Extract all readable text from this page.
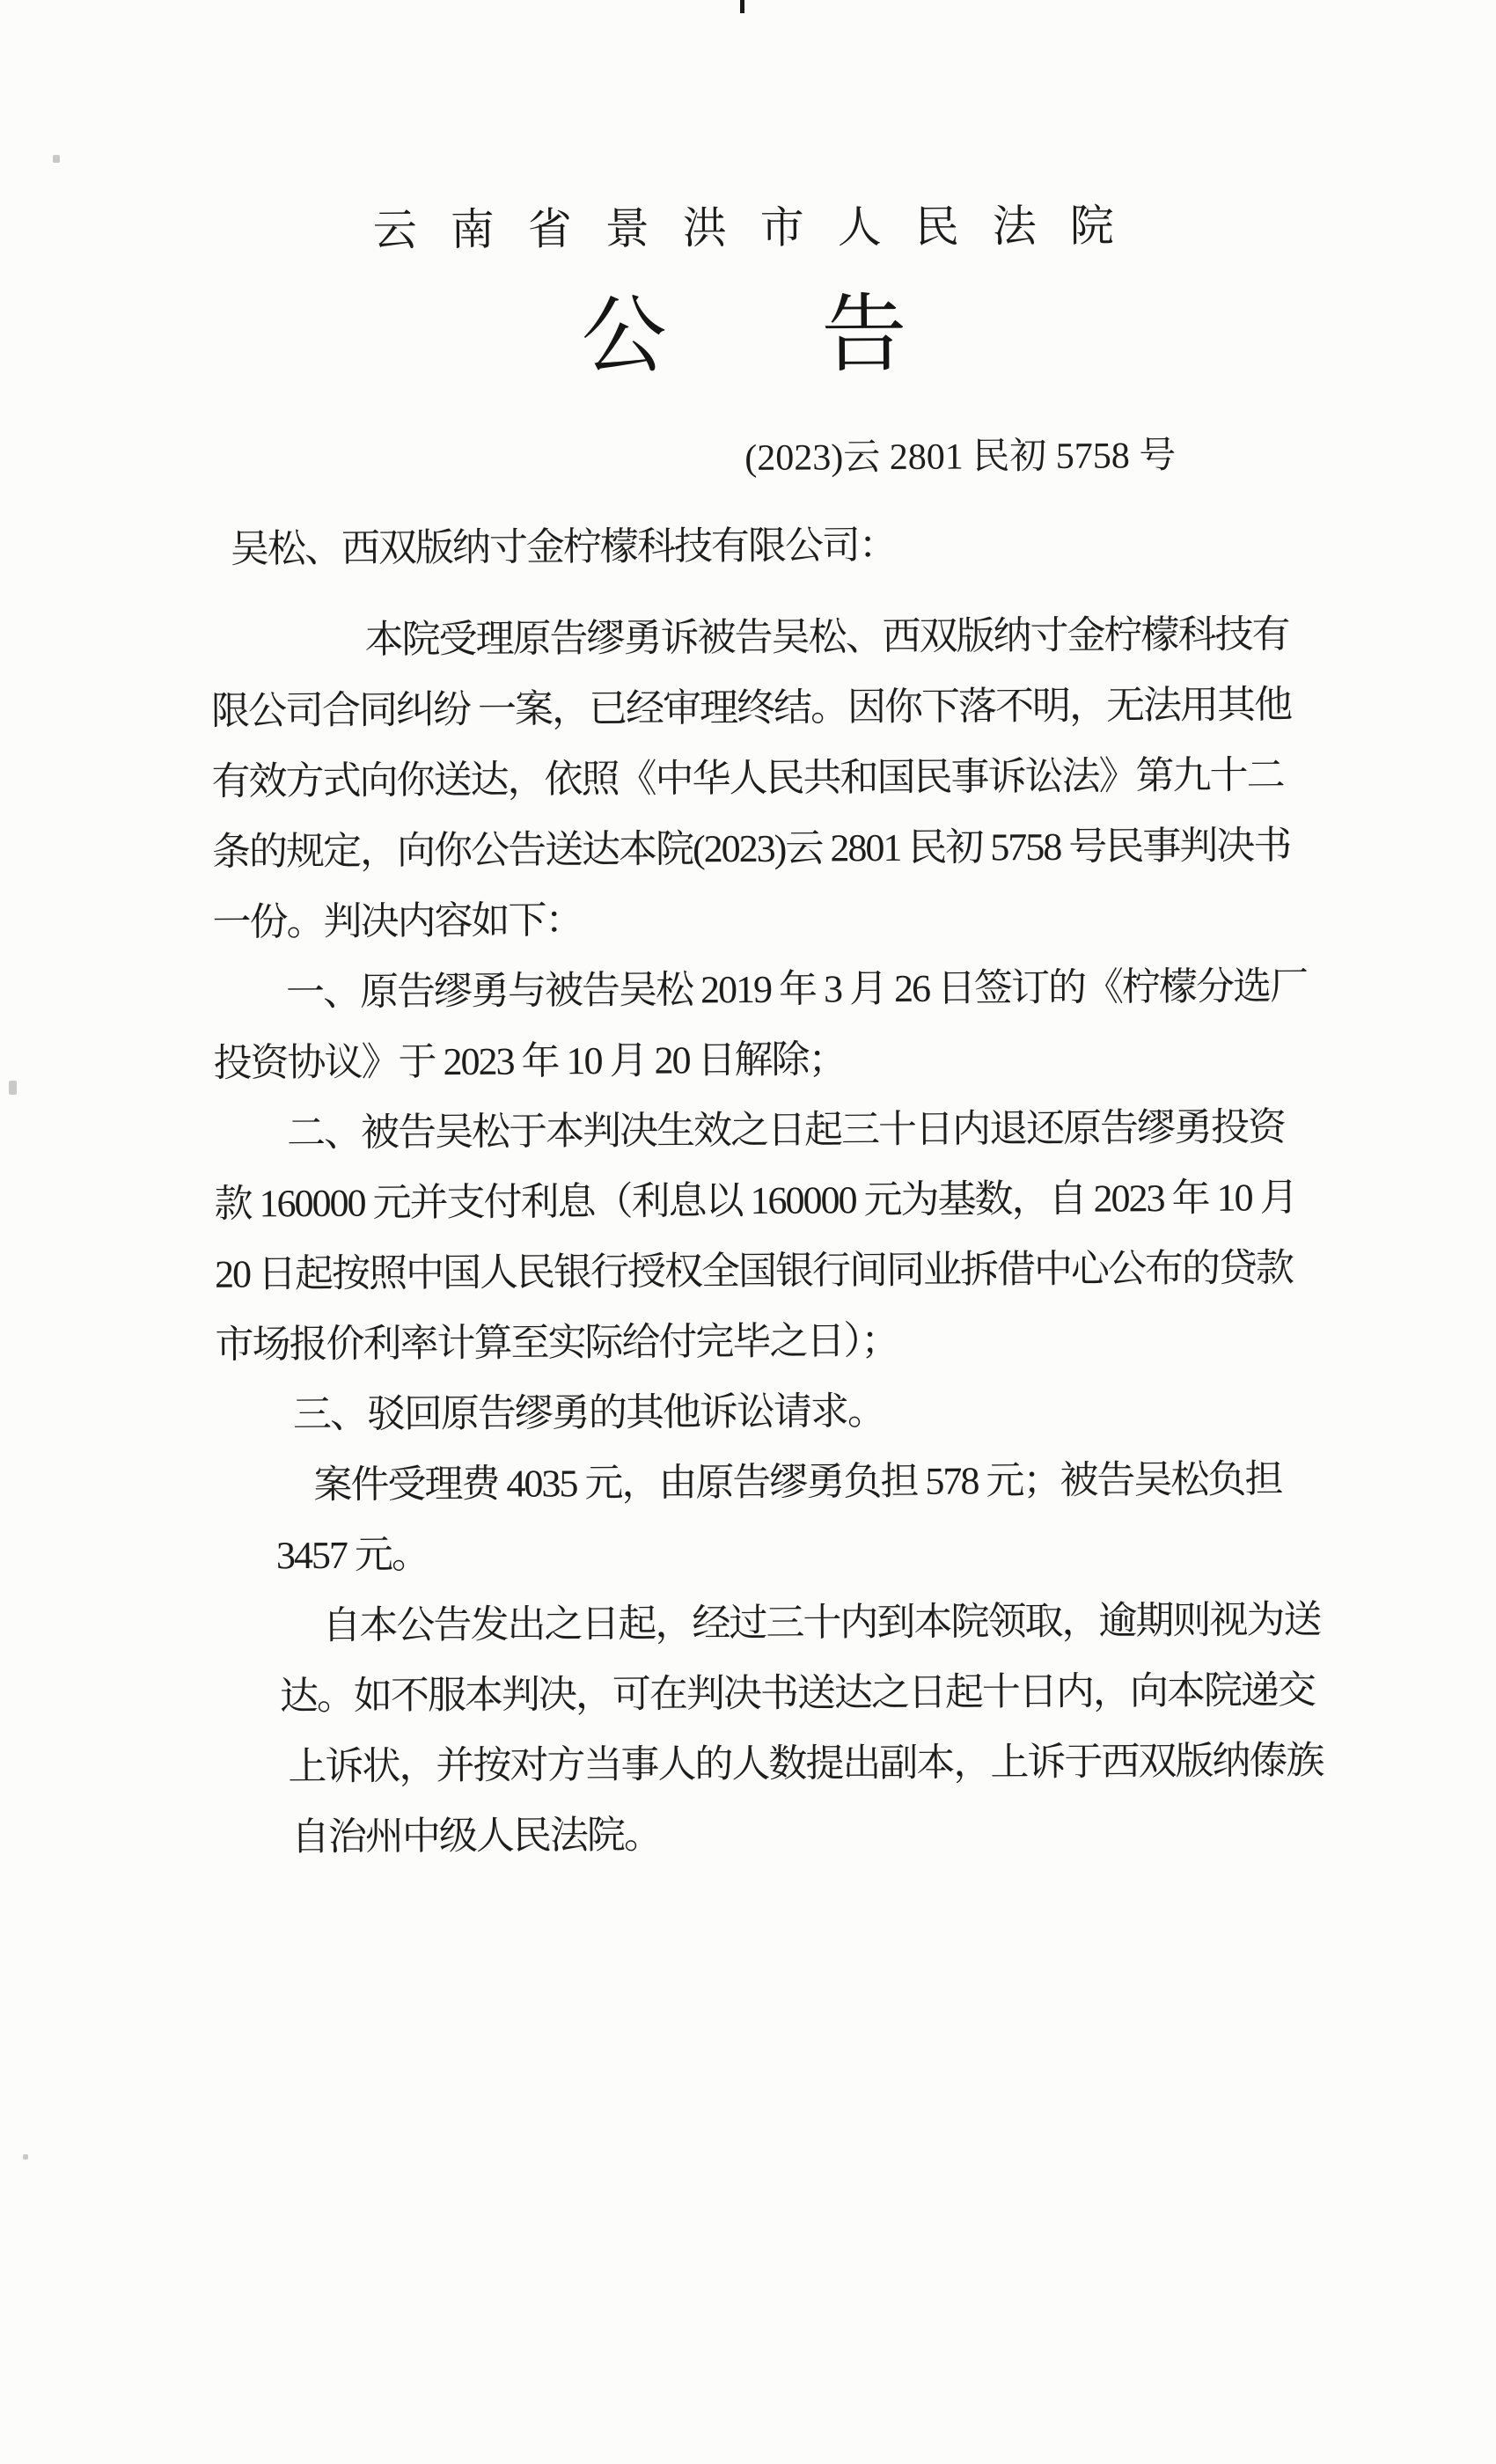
云南省景洪市人民法院
公告
(2023)云 2801 民初 5758 号
吴松、西双版纳寸金柠檬科技有限公司：
本院受理原告缪勇诉被告吴松、西双版纳寸金柠檬科技有
限公司合同纠纷 一案，已经审理终结。因你下落不明，无法用其他
有效方式向你送达，依照《中华人民共和国民事诉讼法》第九十二
条的规定，向你公告送达本院(2023)云 2801 民初 5758 号民事判决书
一份。判决内容如下：
一、原告缪勇与被告吴松 2019 年 3 月 26 日签订的《柠檬分选厂
投资协议》于 2023 年 10 月 20 日解除；
二、被告吴松于本判决生效之日起三十日内退还原告缪勇投资
款 160000 元并支付利息（利息以 160000 元为基数，自 2023 年 10 月
20 日起按照中国人民银行授权全国银行间同业拆借中心公布的贷款
市场报价利率计算至实际给付完毕之日）；
三、驳回原告缪勇的其他诉讼请求。
案件受理费 4035 元，由原告缪勇负担 578 元；被告吴松负担
3457 元。
自本公告发出之日起，经过三十内到本院领取，逾期则视为送
达。如不服本判决，可在判决书送达之日起十日内，向本院递交
上诉状，并按对方当事人的人数提出副本，上诉于西双版纳傣族
自治州中级人民法院。
